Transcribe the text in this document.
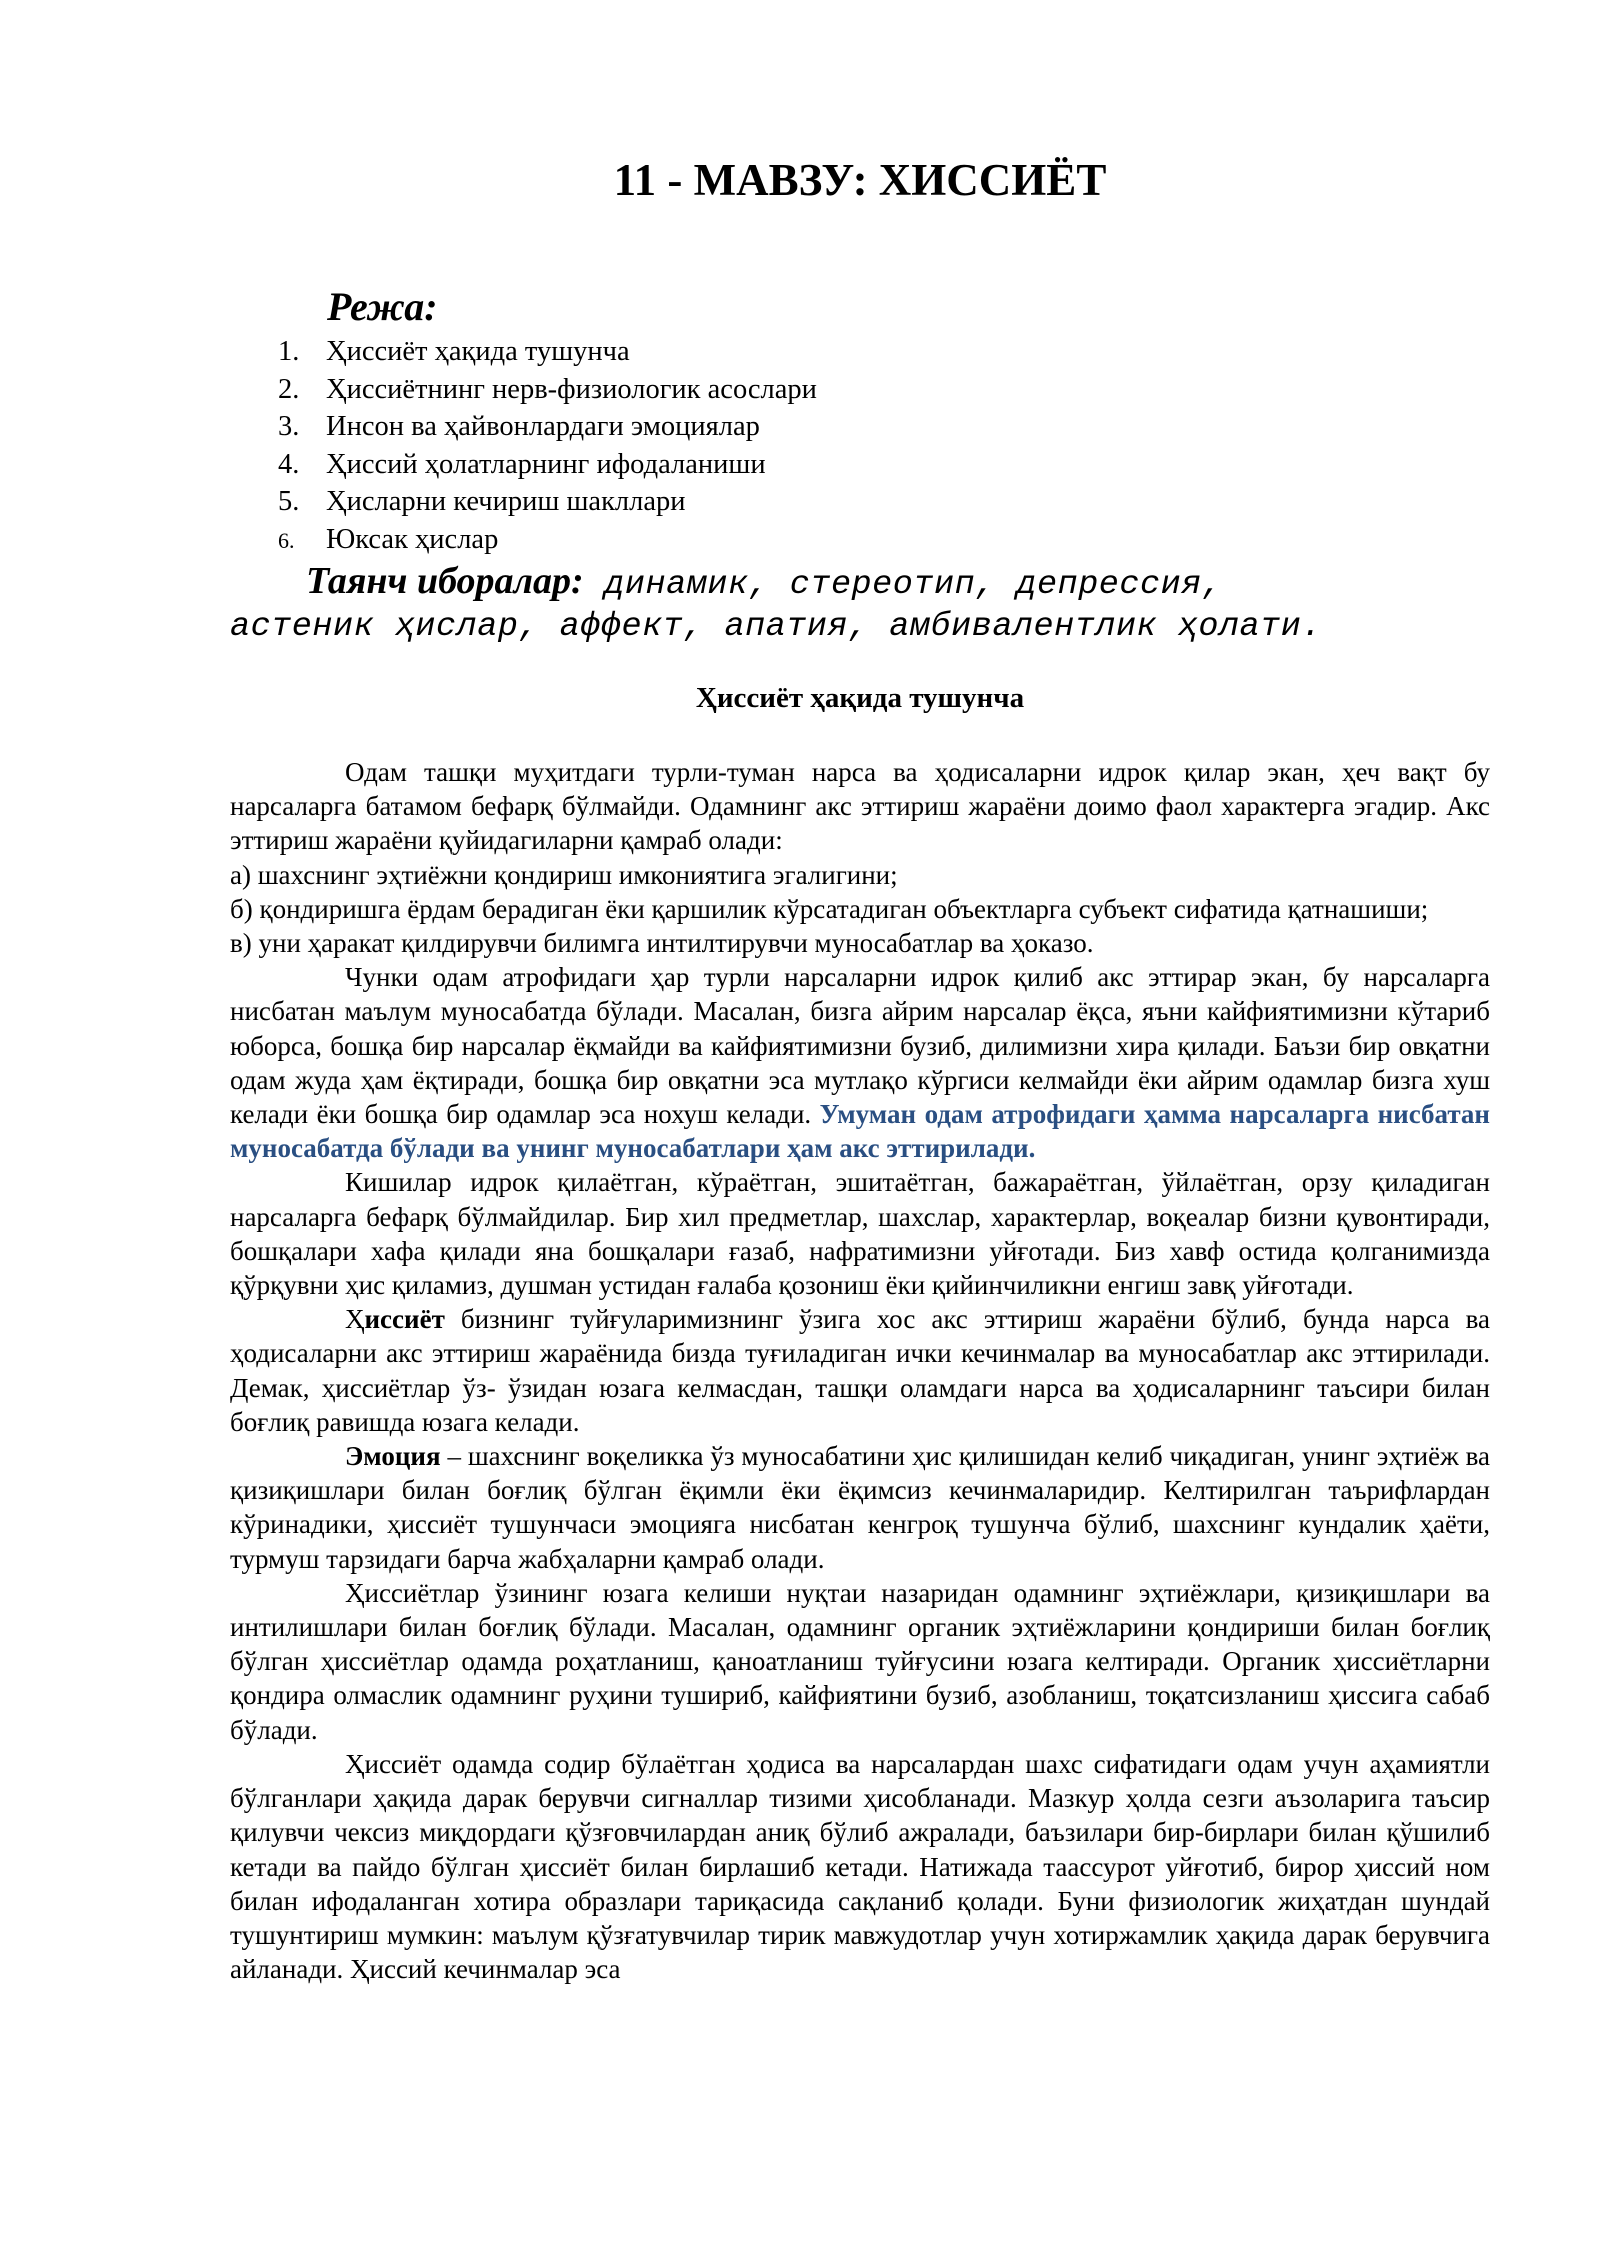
11 - МАВЗУ: ХИССИЁТ
Режа:
1. Ҳиссиёт ҳақида тушунча
2. Ҳиссиётнинг нерв-физиологик асослари
3. Инсон ва ҳайвонлардаги эмоциялар
4. Ҳиссий ҳолатларнинг ифодаланиши
5. Ҳисларни кечириш шакллари
6. Юксак ҳислар
Таянч иборалар: динамик, стереотип, депрессия,
астеник ҳислар, аффект, апатия, амбивалентлик ҳолати.
Ҳиссиёт ҳақида тушунча

Одам ташқи муҳитдаги турли-туман нарса ва ҳодисаларни идрок қилар экан, ҳеч вақт бу нарсаларга батамом бефарқ бўлмайди. Одамнинг акс эттириш жараёни доимо фаол характерга эгадир. Акс эттириш жараёни қуйидагиларни қамраб олади:

а) шахснинг эҳтиёжни қондириш имкониятига эгалигини;

б) қондиришга ёрдам берадиган ёки қаршилик кўрсатадиган объектларга субъект сифатида қатнашиши;

в) уни ҳаракат қилдирувчи билимга интилтирувчи муносабатлар ва ҳоказо.

Чунки одам атрофидаги ҳар турли нарсаларни идрок қилиб акс эттирар экан, бу нарсаларга нисбатан маълум муносабатда бўлади. Масалан, бизга айрим нарсалар ёқса, яъни кайфиятимизни кўтариб юборса, бошқа бир нарсалар ёқмайди ва кайфиятимизни бузиб, дилимизни хира қилади. Баъзи бир овқатни одам жуда ҳам ёқтиради, бошқа бир овқатни эса мутлақо кўргиси келмайди ёки айрим одамлар бизга хуш келади ёки бошқа бир одамлар эса нохуш келади. Умуман одам атрофидаги ҳамма нарсаларга нисбатан муносабатда бўлади ва унинг муносабатлари ҳам акс эттирилади.

Кишилар идрок қилаётган, кўраётган, эшитаётган, бажараётган, ўйлаётган, орзу қиладиган нарсаларга бефарқ бўлмайдилар. Бир хил предметлар, шахслар, характерлар, воқеалар бизни қувонтиради, бошқалари хафа қилади яна бошқалари ғазаб, нафратимизни уйғотади. Биз хавф остида қолганимизда қўрқувни ҳис қиламиз, душман устидан ғалаба қозониш ёки қийинчиликни енгиш завқ уйғотади.

Ҳиссиёт бизнинг туйғуларимизнинг ўзига хос акс эттириш жараёни бўлиб, бунда нарса ва ҳодисаларни акс эттириш жараёнида бизда туғиладиган ички кечинмалар ва муносабатлар акс эттирилади. Демак, ҳиссиётлар ўз- ўзидан юзага келмасдан, ташқи оламдаги нарса ва ҳодисаларнинг таъсири билан боғлиқ равишда юзага келади.

Эмоция – шахснинг воқеликка ўз муносабатини ҳис қилишидан келиб чиқадиган, унинг эҳтиёж ва қизиқишлари билан боғлиқ бўлган ёқимли ёки ёқимсиз кечинмаларидир. Келтирилган таърифлардан кўринадики, ҳиссиёт тушунчаси эмоцияга нисбатан кенгроқ тушунча бўлиб, шахснинг кундалик ҳаёти, турмуш тарзидаги барча жабҳаларни қамраб олади.

Ҳиссиётлар ўзининг юзага келиши нуқтаи назаридан одамнинг эҳтиёжлари, қизиқишлари ва интилишлари билан боғлиқ бўлади. Масалан, одамнинг органик эҳтиёжларини қондириши билан боғлиқ бўлган ҳиссиётлар одамда роҳатланиш, қаноатланиш туйғусини юзага келтиради. Органик ҳиссиётларни қондира олмаслик одамнинг руҳини тушириб, кайфиятини бузиб, азобланиш, тоқатсизланиш ҳиссига сабаб бўлади.

Ҳиссиёт одамда содир бўлаётган ҳодиса ва нарсалардан шахс сифатидаги одам учун аҳамиятли бўлганлари ҳақида дарак берувчи сигналлар тизими ҳисобланади. Мазкур ҳолда сезги аъзоларига таъсир қилувчи чексиз миқдордаги қўзғовчилардан аниқ бўлиб ажралади, баъзилари бир-бирлари билан қўшилиб кетади ва пайдо бўлган ҳиссиёт билан бирлашиб кетади. Натижада таассурот уйғотиб, бирор ҳиссий ном билан ифодаланган хотира образлари тариқасида сақланиб қолади. Буни физиологик жиҳатдан шундай тушунтириш мумкин: маълум қўзғатувчилар тирик мавжудотлар учун хотиржамлик ҳақида дарак берувчига айланади. Ҳиссий кечинмалар эса
